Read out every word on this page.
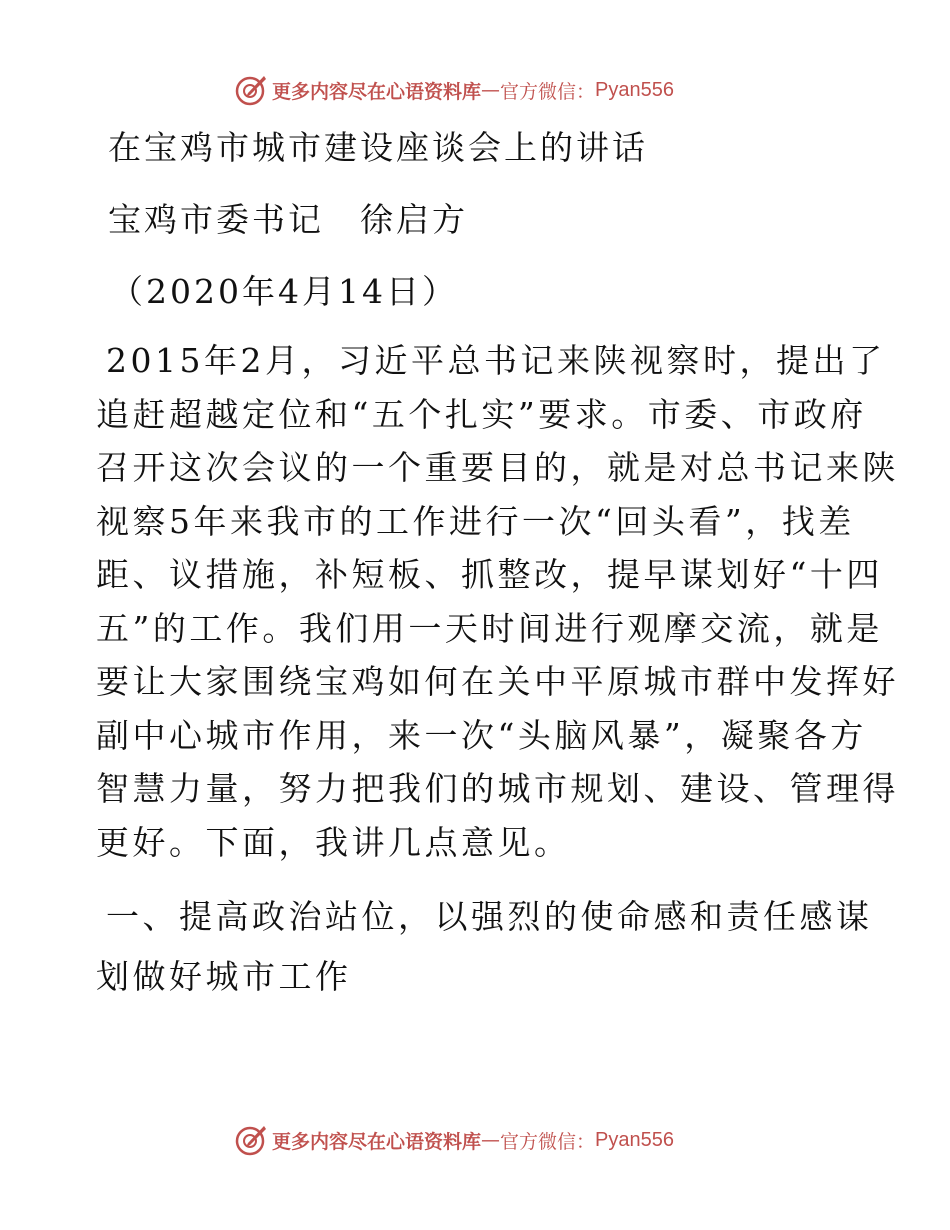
更多内容尽在心语资料库 — 官方微信： Pyan556
在宝鸡市城市建设座谈会上的讲话
宝鸡市委书记　徐启方
（2020年4月14日）

2015年2月，习近平总书记来陕视察时，提出了

追赶超越定位和“五个扎实”要求。市委、市政府

召开这次会议的一个重要目的，就是对总书记来陕

视察5年来我市的工作进行一次“回头看”，找差

距、议措施，补短板、抓整改，提早谋划好“十四

五”的工作。我们用一天时间进行观摩交流，就是

要让大家围绕宝鸡如何在关中平原城市群中发挥好

副中心城市作用，来一次“头脑风暴”，凝聚各方

智慧力量，努力把我们的城市规划、建设、管理得

更好。下面，我讲几点意见。

一、提高政治站位，以强烈的使命感和责任感谋

划做好城市工作

更多内容尽在心语资料库 — 官方微信： Pyan556
